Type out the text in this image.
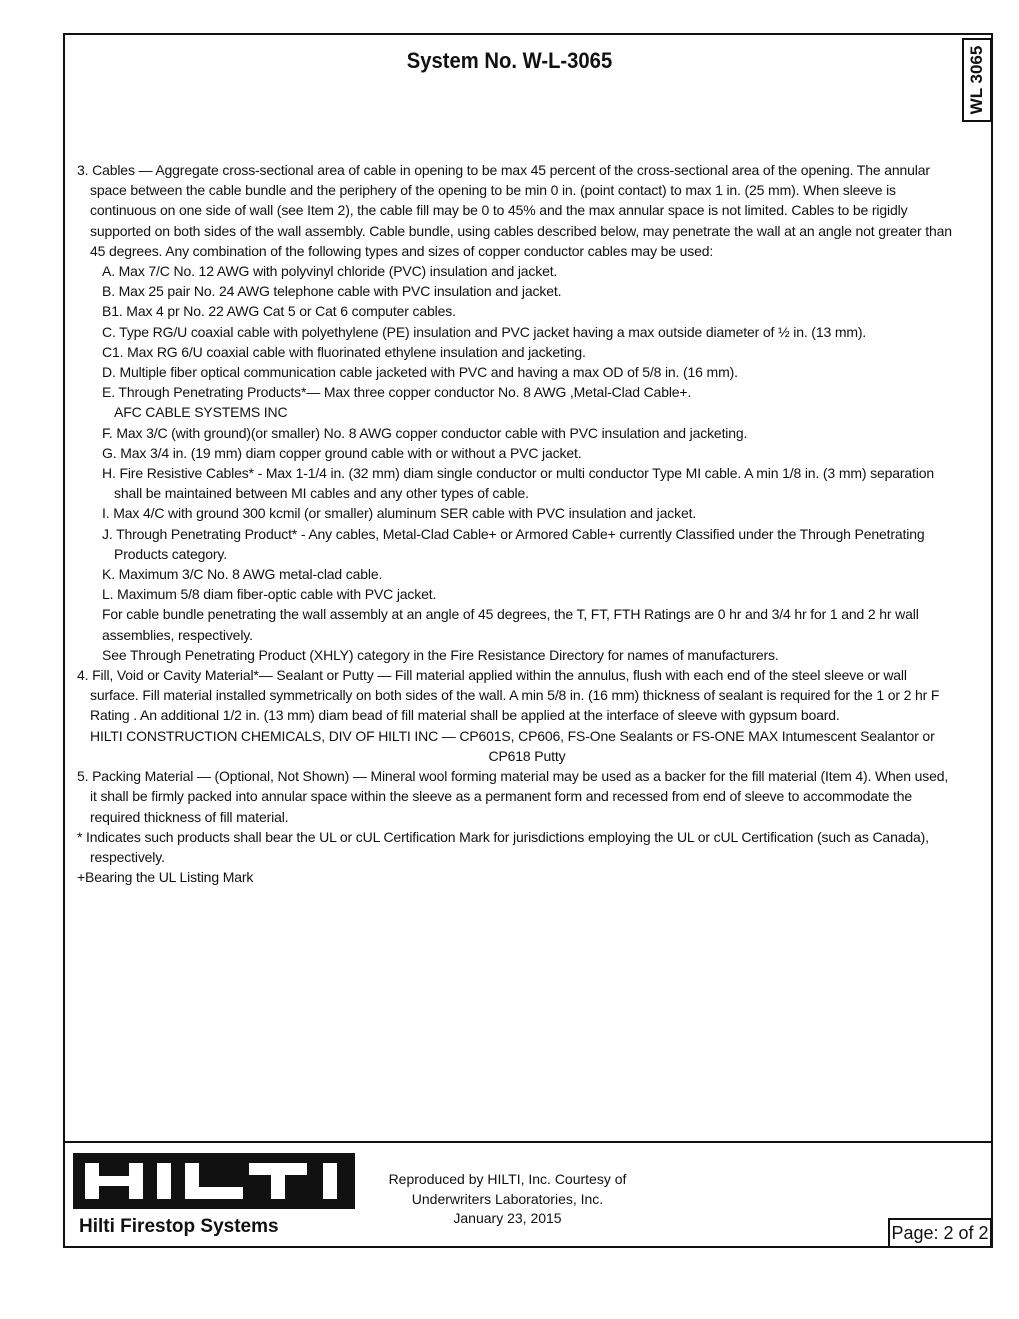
System No. W-L-3065	WL 3065

3. Cables — Aggregate cross-sectional area of cable in opening to be max 45 percent of the cross-sectional area of the opening. The annular

space between the cable bundle and the periphery of the opening to be min 0 in. (point contact) to max 1 in. (25 mm). When sleeve is

continuous on one side of wall (see Item 2), the cable fill may be 0 to 45% and the max annular space is not limited. Cables to be rigidly

supported on both sides of the wall assembly. Cable bundle, using cables described below, may penetrate the wall at an angle not greater than

45 degrees. Any combination of the following types and sizes of copper conductor cables may be used:

A. Max 7/C No. 12 AWG with polyvinyl chloride (PVC) insulation and jacket.

B. Max 25 pair No. 24 AWG telephone cable with PVC insulation and jacket.

B1. Max 4 pr No. 22 AWG Cat 5 or Cat 6 computer cables.

C. Type RG/U coaxial cable with polyethylene (PE) insulation and PVC jacket having a max outside diameter of ½ in. (13 mm).

C1. Max RG 6/U coaxial cable with fluorinated ethylene insulation and jacketing.

D. Multiple fiber optical communication cable jacketed with PVC and having a max OD of 5/8 in. (16 mm).

E. Through Penetrating Products*— Max three copper conductor No. 8 AWG ,Metal-Clad Cable+.

AFC CABLE SYSTEMS INC

F. Max 3/C (with ground)(or smaller) No. 8 AWG copper conductor cable with PVC insulation and jacketing.

G. Max 3/4 in. (19 mm) diam copper ground cable with or without a PVC jacket.

H. Fire Resistive Cables* - Max 1-1/4 in. (32 mm) diam single conductor or multi conductor Type MI cable. A min 1/8 in. (3 mm) separation

shall be maintained between MI cables and any other types of cable.

I. Max 4/C with ground 300 kcmil (or smaller) aluminum SER cable with PVC insulation and jacket.

J. Through Penetrating Product* - Any cables, Metal-Clad Cable+ or Armored Cable+ currently Classified under the Through Penetrating

Products category.

K. Maximum 3/C No. 8 AWG metal-clad cable.

L. Maximum 5/8 diam fiber-optic cable with PVC jacket.

For cable bundle penetrating the wall assembly at an angle of 45 degrees, the T, FT, FTH Ratings are 0 hr and 3/4 hr for 1 and 2 hr wall

assemblies, respectively.

See Through Penetrating Product (XHLY) category in the Fire Resistance Directory for names of manufacturers.

4. Fill, Void or Cavity Material*— Sealant or Putty — Fill material applied within the annulus, flush with each end of the steel sleeve or wall

surface. Fill material installed symmetrically on both sides of the wall. A min 5/8 in. (16 mm) thickness of sealant is required for the 1 or 2 hr F

Rating . An additional 1/2 in. (13 mm) diam bead of fill material shall be applied at the interface of sleeve with gypsum board.

HILTI CONSTRUCTION CHEMICALS, DIV OF HILTI INC — CP601S, CP606, FS-One Sealants or FS-ONE MAX Intumescent Sealantor or

CP618 Putty

5. Packing Material — (Optional, Not Shown) — Mineral wool forming material may be used as a backer for the fill material (Item 4). When used,

it shall be firmly packed into annular space within the sleeve as a permanent form and recessed from end of sleeve to accommodate the

required thickness of fill material.

* Indicates such products shall bear the UL or cUL Certification Mark for jurisdictions employing the UL or cUL Certification (such as Canada),

respectively.

+Bearing the UL Listing Mark

Hilti Firestop Systems
Reproduced by HILTI, Inc. Courtesy of
Underwriters Laboratories, Inc.
January 23, 2015
Page: 2 of 2
